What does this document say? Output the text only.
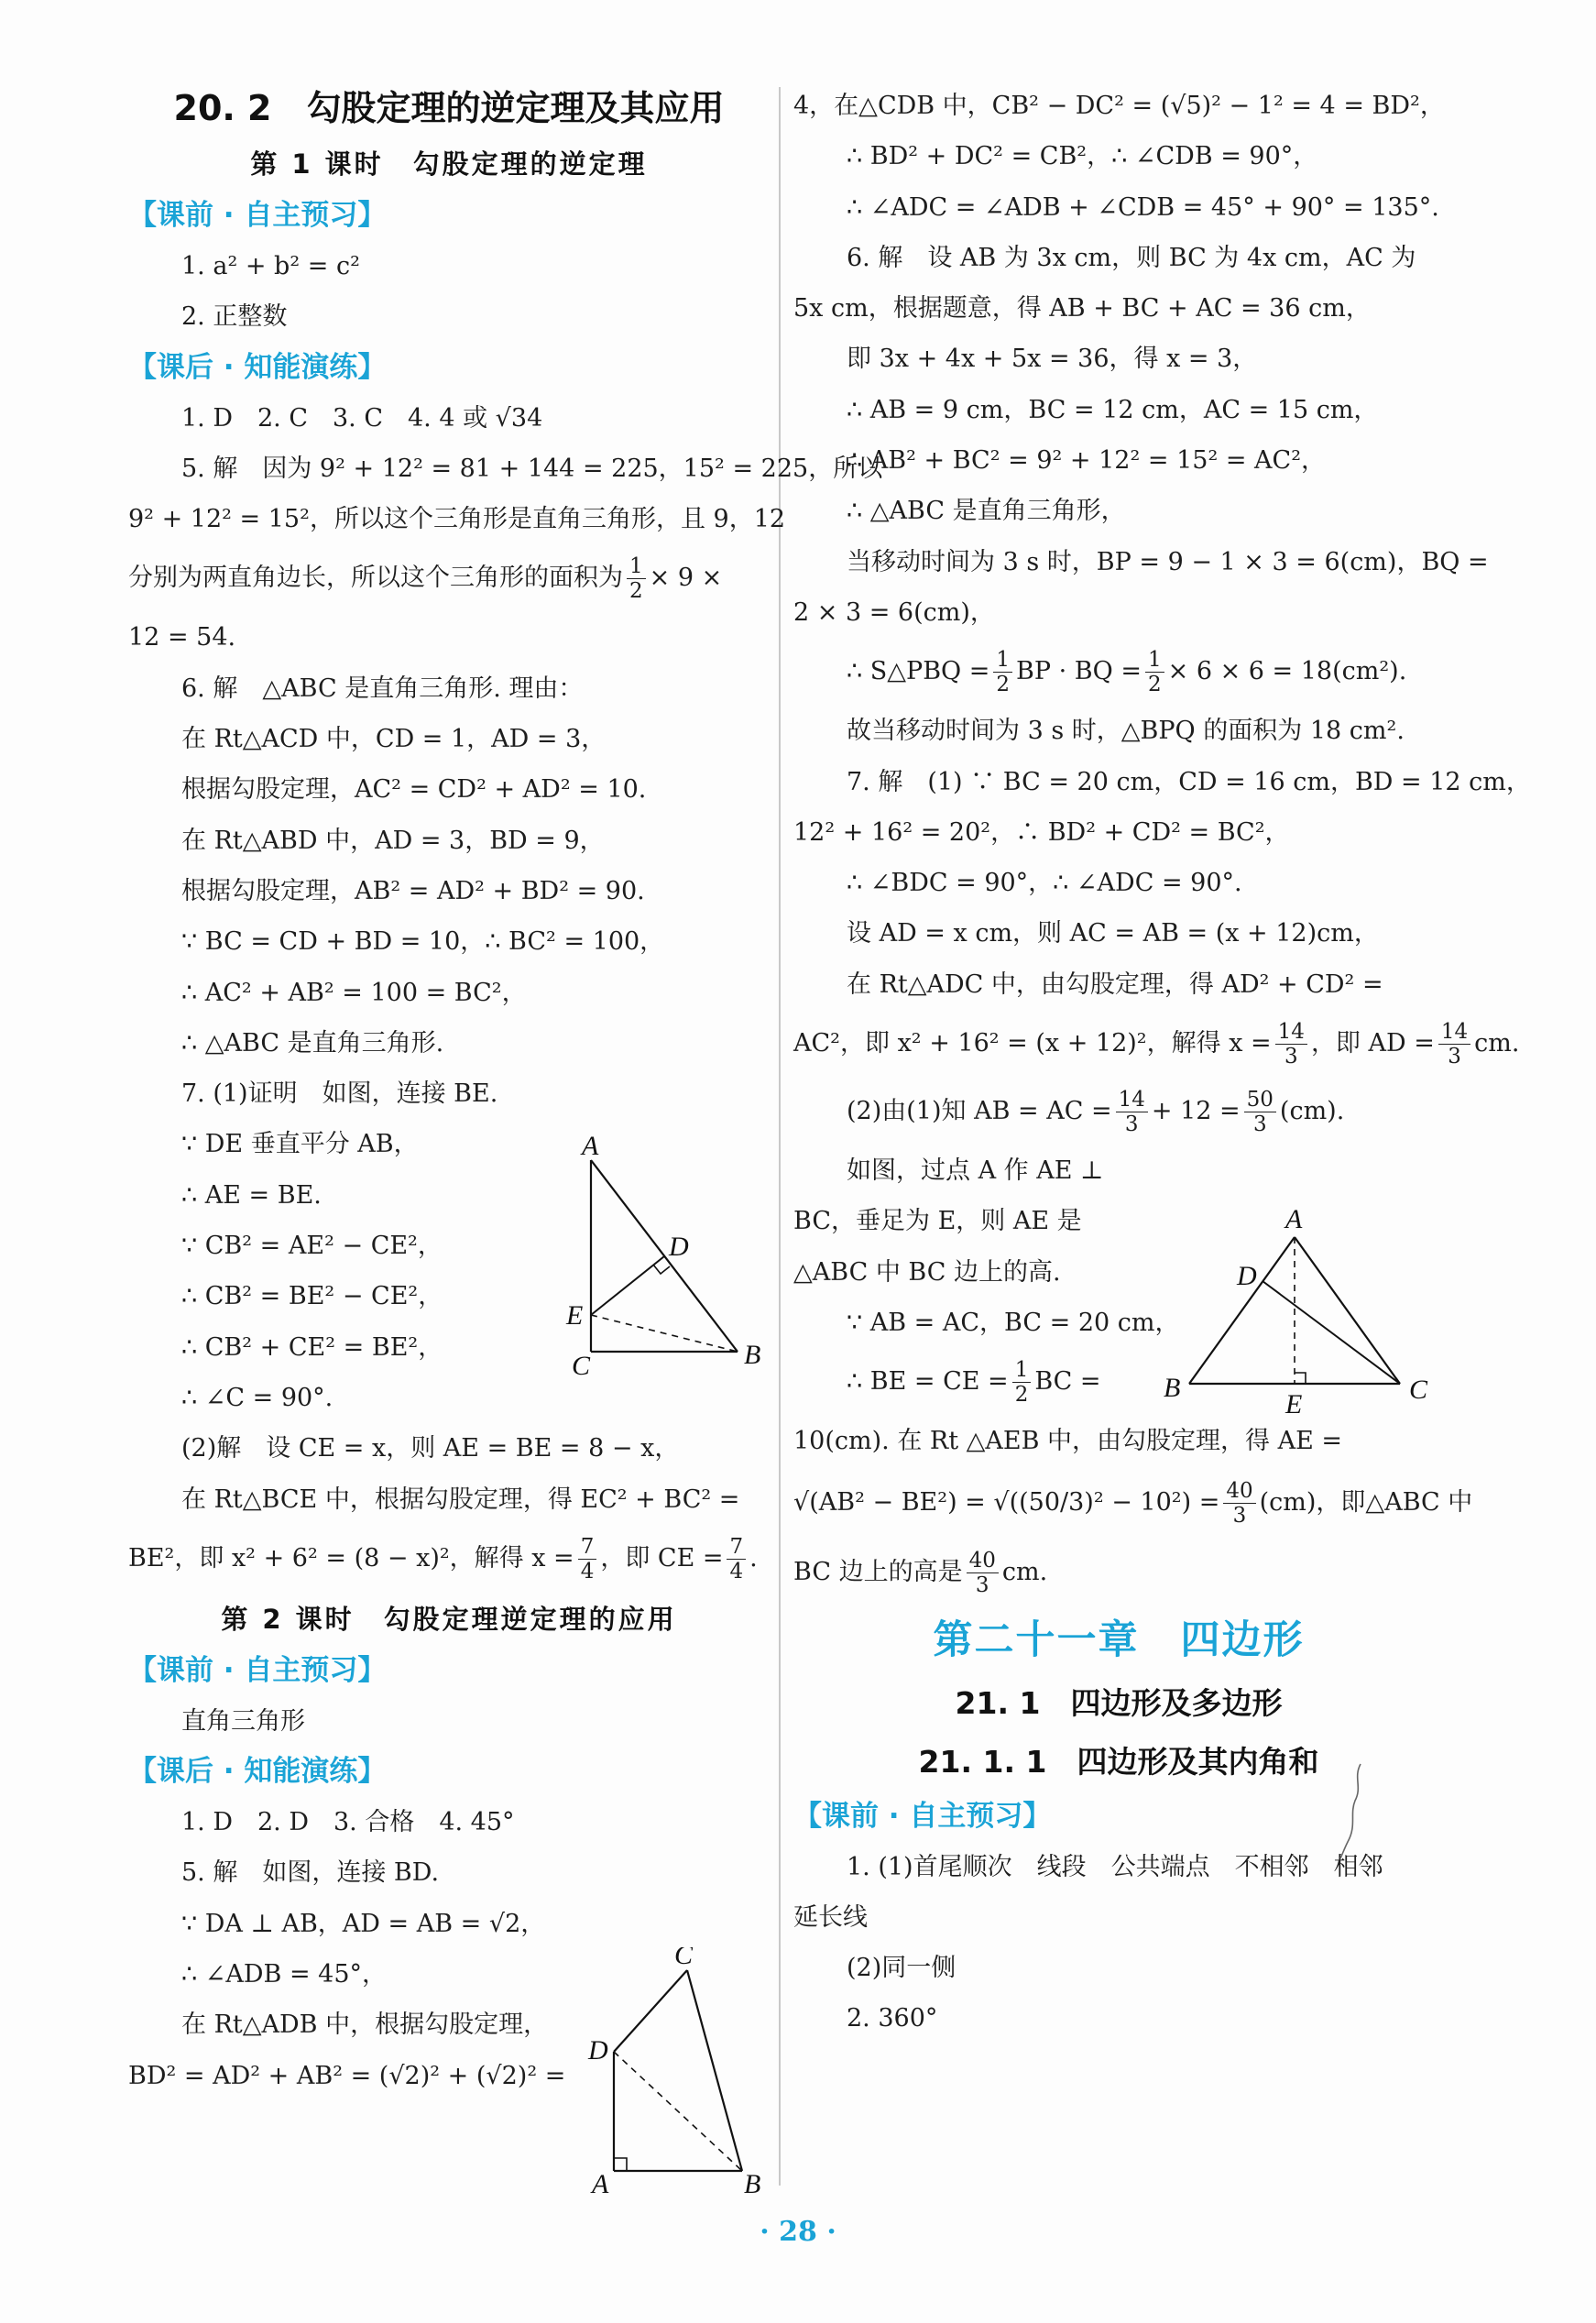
20. 2　勾股定理的逆定理及其应用
第 1 课时　勾股定理的逆定理
【课前 · 自主预习】
1. a² + b² = c²
2. 正整数
【课后 · 知能演练】
1. D　2. C　3. C　4. 4 或 √34
5. 解　因为 9² + 12² = 81 + 144 = 225，15² = 225，所以
9² + 12² = 15²，所以这个三角形是直角三角形，且 9，12
分别为两直角边长，所以这个三角形的面积为 $\frac{1}{2} \times 9$ ×
12 = 54.
6. 解　△ABC 是直角三角形. 理由：
在 Rt△ACD 中，CD = 1，AD = 3，
根据勾股定理，AC² = CD² + AD² = 10.
在 Rt△ABD 中，AD = 3，BD = 9，
根据勾股定理，AB² = AD² + BD² = 90.
∵ BC = CD + BD = 10，∴ BC² = 100，
∴ AC² + AB² = 100 = BC²，
∴ △ABC 是直角三角形.
7. (1)证明　如图，连接 BE.
∵ DE 垂直平分 AB，
∴ AE = BE.
∵ CB² = AE² − CE²，
∴ CB² = BE² − CE²，
∴ CB² + CE² = BE²，
∴ ∠C = 90°.
(2)解　设 CE = x，则 AE = BE = 8 − x，
在 Rt△BCE 中，根据勾股定理，得 EC² + BC² =
BE²，即 x² + 6² = (8 − x)²，解得 $x = \frac{7}{4}$ ，即 CE = $\frac{7}{4}$ .
第 2 课时　勾股定理逆定理的应用
【课前 · 自主预习】
直角三角形
【课后 · 知能演练】
1. D　2. D　3. 合格　4. 45°
5. 解　如图，连接 BD.
∵ DA ⊥ AB，AD = AB = √2，
∴ ∠ADB = 45°，
在 Rt△ADB 中，根据勾股定理，
BD² = AD² + AB² = (√2)² + (√2)² =
A
D
E
C	B
C
D
A	B
4，在△CDB 中，CB² − DC² = (√5)² − 1² = 4 = BD²，
∴ BD² + DC² = CB²，∴ ∠CDB = 90°，
∴ ∠ADC = ∠ADB + ∠CDB = 45° + 90° = 135°.
6. 解　设 AB 为 3x cm，则 BC 为 4x cm，AC 为
5x cm，根据题意，得 AB + BC + AC = 36 cm，
即 3x + 4x + 5x = 36，得 x = 3，
∴ AB = 9 cm，BC = 12 cm，AC = 15 cm，
∴ AB² + BC² = 9² + 12² = 15² = AC²，
∴ △ABC 是直角三角形，
当移动时间为 3 s 时，BP = 9 − 1 × 3 = 6(cm)，BQ =
2 × 3 = 6(cm)，
∴ S△PBQ = $\frac{1}{2}$ BP · BQ = $\frac{1}{2} \times 6 \times 6 = 18(cm^2)$.
故当移动时间为 3 s 时，△BPQ 的面积为 18 cm².
7. 解　(1) ∵ BC = 20 cm，CD = 16 cm，BD = 12 cm，
12² + 16² = 20²，∴ BD² + CD² = BC²，
∴ ∠BDC = 90°，∴ ∠ADC = 90°.
设 AD = x cm，则 AC = AB = (x + 12)cm，
在 Rt△ADC 中，由勾股定理，得 AD² + CD² =
AC²，即 x² + 16² = (x + 12)²，解得 $x = \frac{14}{3}$ ，即 AD = $\frac{14}{3}$ cm.
(2)由(1)知 AB = AC = $\frac{14}{3} + 12 = \frac{50}{3} (cm)$.
如图，过点 A 作 AE ⊥
BC，垂足为 E，则 AE 是
△ABC 中 BC 边上的高.
∵ AB = AC，BC = 20 cm，
∴ BE = CE = $\frac{1}{2}$ BC =
10(cm). 在 Rt △AEB 中，由勾股定理，得 AE =
$√(AB^2 - BE^2) = √((50/3)^2 - 10^2) = \frac{40}{3} (cm)$，即△ABC 中
BC 边上的高是 $\frac{40}{3}$ cm.
第二十一章　四边形
21. 1　四边形及多边形
21. 1. 1　四边形及其内角和
【课前 · 自主预习】
1. (1)首尾顺次　线段　公共端点　不相邻　相邻
延长线
(2)同一侧
2. 360°
A
D
B
E	C
· 28 ·
